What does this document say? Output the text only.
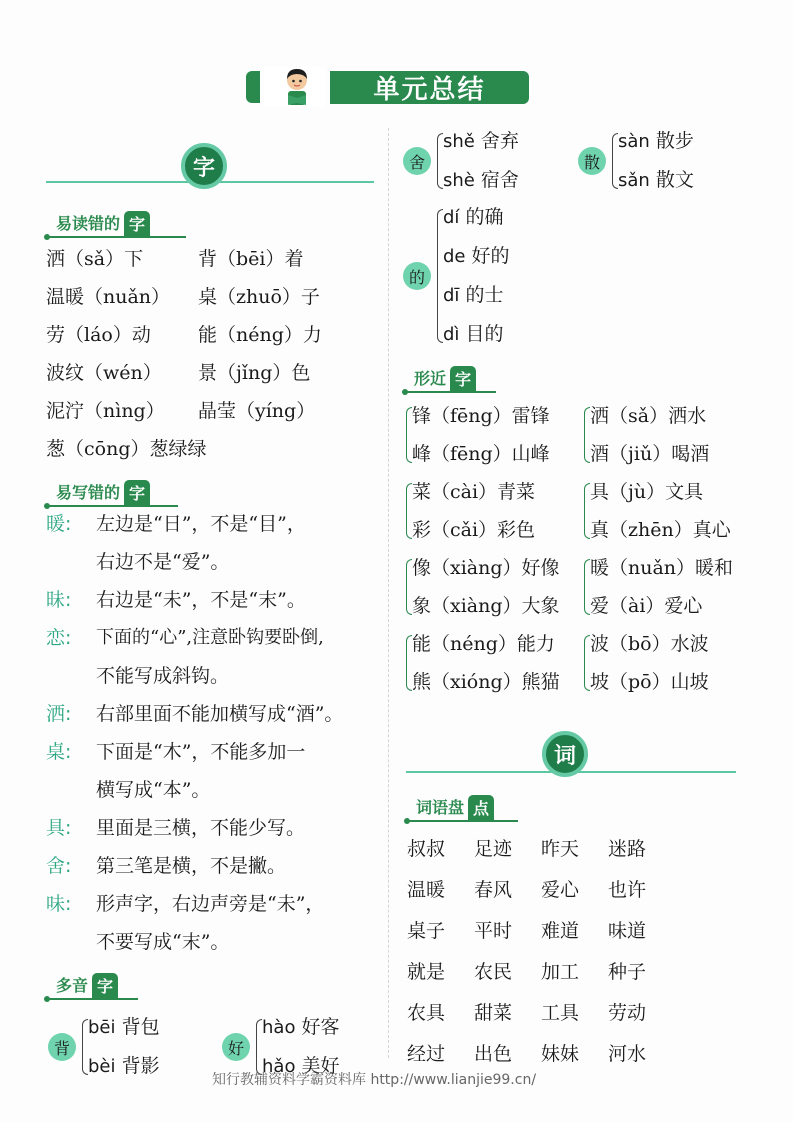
单元总结
字
易读错的 字
洒（sǎ）下	背（bēi）着
温暖（nuǎn）	桌（zhuō）子
劳（láo）动	能（néng）力
波纹（wén）	景（jǐng）色
泥泞（nìng）	晶莹（yíng）
葱（cōng）葱绿绿
易写错的 字
暖:	左边是“日”，不是“目”，
右边不是“爱”。
昧:	右边是“未”，不是“末”。
恋:	下面的“心”,注意卧钩要卧倒,
不能写成斜钩。
洒:	右部里面不能加横写成“酒”。
桌:	下面是“木”，不能多加一
横写成“本”。
具:	里面是三横，不能少写。
舍:	第三笔是横，不是撇。
味:	形声字，右边声旁是“未”，
不要写成“末”。
多音 字
背
bēi 背包
bèi 背影
好
hào 好客
hǎo 美好
舍
shě 舍弃
shè 宿舍
散
sàn 散步
sǎn 散文
的
dí 的确
de 好的
dī 的士
dì 目的
形近 字
锋（fēng）雷锋
峰（fēng）山峰
洒（sǎ）洒水
酒（jiǔ）喝酒
菜（cài）青菜
彩（cǎi）彩色
具（jù）文具
真（zhēn）真心
像（xiàng）好像
象（xiàng）大象
暖（nuǎn）暖和
爱（ài）爱心
能（néng）能力
熊（xióng）熊猫
波（bō）水波
坡（pō）山坡
词
词语盘 点
叔叔	足迹	昨天	迷路
温暖	春风	爱心	也许
桌子	平时	难道	味道
就是	农民	加工	种子
农具	甜菜	工具	劳动
经过	出色	妹妹	河水
知行教辅资料学霸资料库 http://www.lianjie99.cn/
